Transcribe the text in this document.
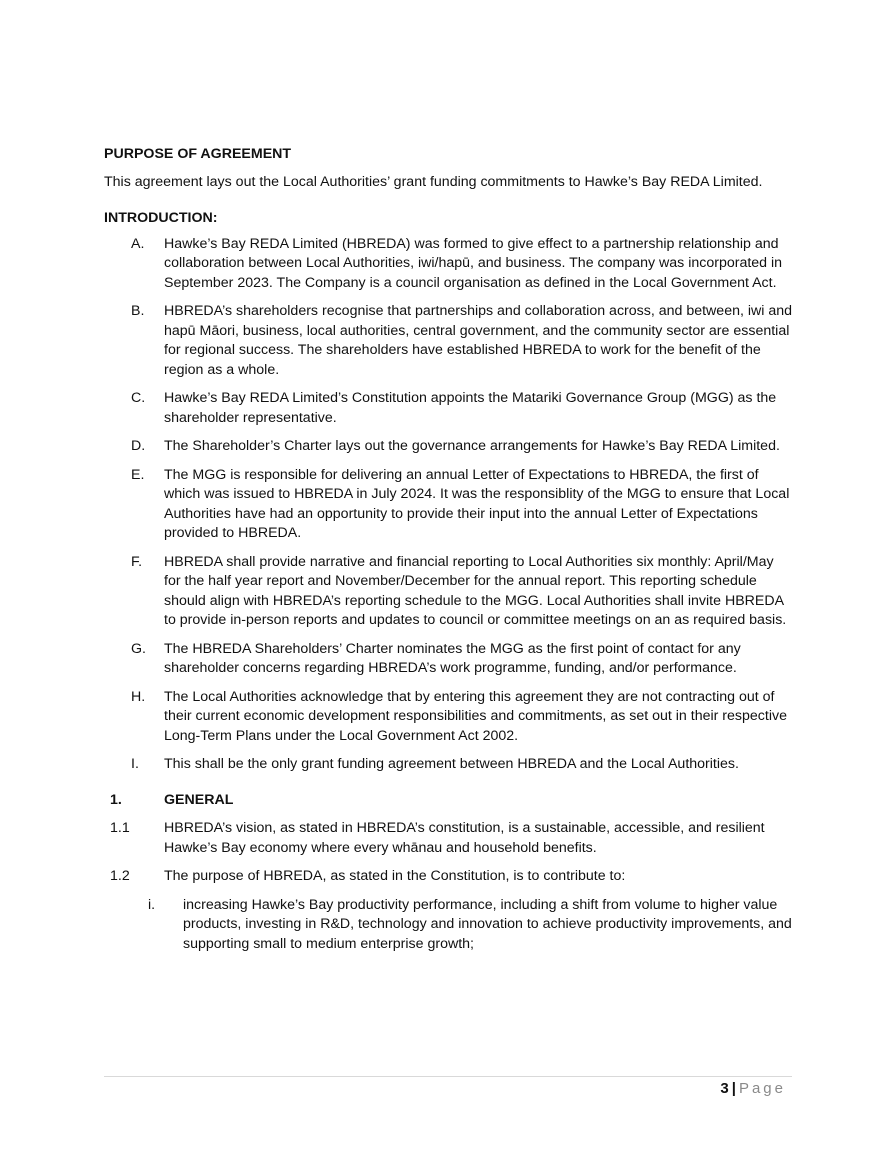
PURPOSE OF AGREEMENT

This agreement lays out the Local Authorities’ grant funding commitments to Hawke’s Bay REDA Limited.

INTRODUCTION:

A. Hawke’s Bay REDA Limited (HBREDA) was formed to give effect to a partnership relationship and collaboration between Local Authorities, iwi/hapū, and business. The company was incorporated in September 2023. The Company is a council organisation as defined in the Local Government Act.
B. HBREDA’s shareholders recognise that partnerships and collaboration across, and between, iwi and hapū Māori, business, local authorities, central government, and the community sector are essential for regional success. The shareholders have established HBREDA to work for the benefit of the region as a whole.
C. Hawke’s Bay REDA Limited’s Constitution appoints the Matariki Governance Group (MGG) as the shareholder representative.
D. The Shareholder’s Charter lays out the governance arrangements for Hawke’s Bay REDA Limited.
E. The MGG is responsible for delivering an annual Letter of Expectations to HBREDA, the first of which was issued to HBREDA in July 2024. It was the responsiblity of the MGG to ensure that Local Authorities have had an opportunity to provide their input into the annual Letter of Expectations provided to HBREDA.
F. HBREDA shall provide narrative and financial reporting to Local Authorities six monthly: April/May for the half year report and November/December for the annual report. This reporting schedule should align with HBREDA’s reporting schedule to the MGG. Local Authorities shall invite HBREDA to provide in-person reports and updates to council or committee meetings on an as required basis.
G. The HBREDA Shareholders’ Charter nominates the MGG as the first point of contact for any shareholder concerns regarding HBREDA’s work programme, funding, and/or performance.
H. The Local Authorities acknowledge that by entering this agreement they are not contracting out of their current economic development responsibilities and commitments, as set out in their respective Long-Term Plans under the Local Government Act 2002.
I. This shall be the only grant funding agreement between HBREDA and the Local Authorities.
1.	GENERAL
1.1 HBREDA’s vision, as stated in HBREDA’s constitution, is a sustainable, accessible, and resilient Hawke’s Bay economy where every whānau and household benefits.
1.2 The purpose of HBREDA, as stated in the Constitution, is to contribute to:
i. increasing Hawke’s Bay productivity performance, including a shift from volume to higher value products, investing in R&D, technology and innovation to achieve productivity improvements, and supporting small to medium enterprise growth;
3 | Page
